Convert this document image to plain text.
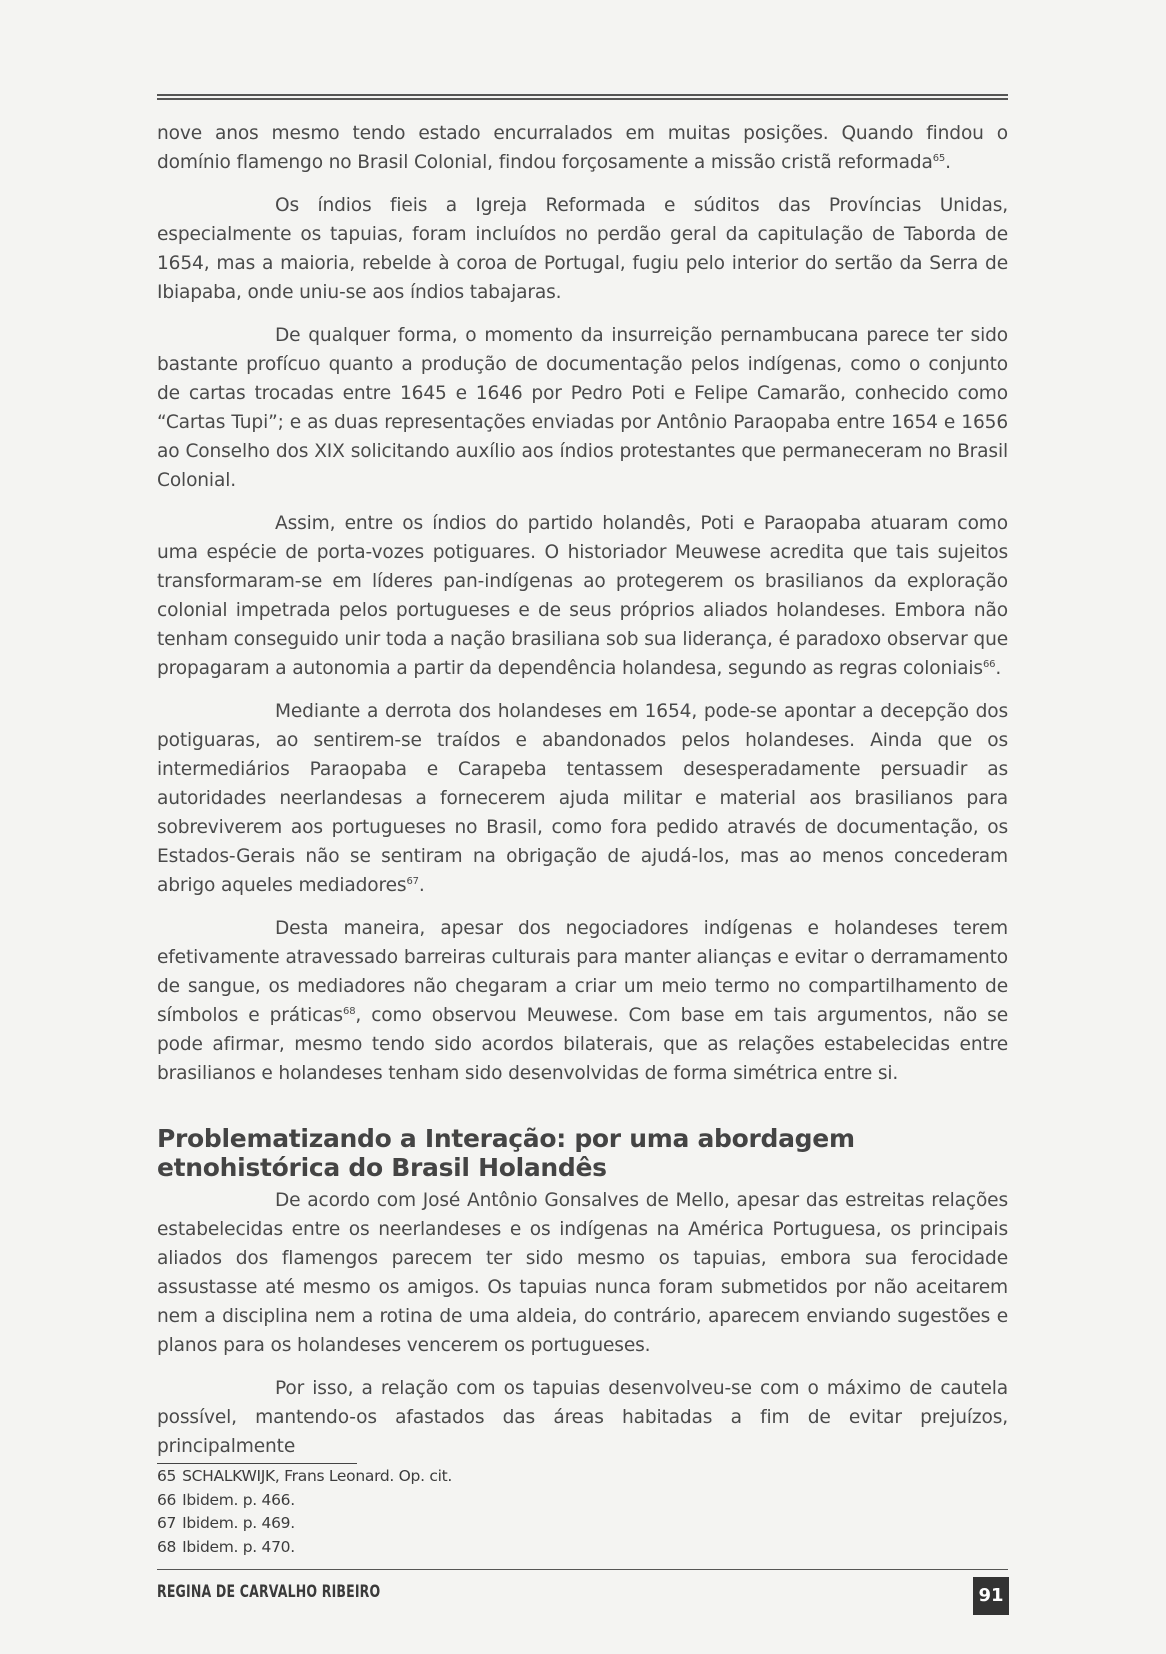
nove anos mesmo tendo estado encurralados em muitas posições. Quando findou o domínio flamengo no Brasil Colonial, findou forçosamente a missão cristã reformada$^{65}$.

Os índios fieis a Igreja Reformada e súditos das Províncias Unidas, especialmente os tapuias, foram incluídos no perdão geral da capitulação de Taborda de 1654, mas a maioria, rebelde à coroa de Portugal, fugiu pelo interior do sertão da Serra de Ibiapaba, onde uniu-se aos índios tabajaras.

De qualquer forma, o momento da insurreição pernambucana parece ter sido bastante profícuo quanto a produção de documentação pelos indígenas, como o conjunto de cartas trocadas entre 1645 e 1646 por Pedro Poti e Felipe Camarão, conhecido como “Cartas Tupi”; e as duas representações enviadas por Antônio Paraopaba entre 1654 e 1656 ao Conselho dos XIX solicitando auxílio aos índios protestantes que permaneceram no Brasil Colonial.

Assim, entre os índios do partido holandês, Poti e Paraopaba atuaram como uma espécie de porta-vozes potiguares. O historiador Meuwese acredita que tais sujeitos transformaram-se em líderes pan-indígenas ao protegerem os brasilianos da exploração colonial impetrada pelos portugueses e de seus próprios aliados holandeses. Embora não tenham conseguido unir toda a nação brasiliana sob sua liderança, é paradoxo observar que propagaram a autonomia a partir da dependência holandesa, segundo as regras coloniais$^{66}$.

Mediante a derrota dos holandeses em 1654, pode-se apontar a decepção dos potiguaras, ao sentirem-se traídos e abandonados pelos holandeses. Ainda que os intermediários Paraopaba e Carapeba tentassem desesperadamente persuadir as autoridades neerlandesas a fornecerem ajuda militar e material aos brasilianos para sobreviverem aos portugueses no Brasil, como fora pedido através de documentação, os Estados-Gerais não se sentiram na obrigação de ajudá-los, mas ao menos concederam abrigo aqueles mediadores$^{67}$.

Desta maneira, apesar dos negociadores indígenas e holandeses terem efetivamente atravessado barreiras culturais para manter alianças e evitar o derramamento de sangue, os mediadores não chegaram a criar um meio termo no compartilhamento de símbolos e práticas$^{68}$, como observou Meuwese. Com base em tais argumentos, não se pode afirmar, mesmo tendo sido acordos bilaterais, que as relações estabelecidas entre brasilianos e holandeses tenham sido desenvolvidas de forma simétrica entre si.

Problematizando a Interação: por uma abordagem etnohistórica do Brasil Holandês

De acordo com José Antônio Gonsalves de Mello, apesar das estreitas relações estabelecidas entre os neerlandeses e os indígenas na América Portuguesa, os principais aliados dos flamengos parecem ter sido mesmo os tapuias, embora sua ferocidade assustasse até mesmo os amigos. Os tapuias nunca foram submetidos por não aceitarem nem a disciplina nem a rotina de uma aldeia, do contrário, aparecem enviando sugestões e planos para os holandeses vencerem os portugueses.

Por isso, a relação com os tapuias desenvolveu-se com o máximo de cautela possível, mantendo-os afastados das áreas habitadas a fim de evitar prejuízos, principalmente

65 SCHALKWIJK, Frans Leonard. Op. cit.
66 Ibidem. p. 466.
67 Ibidem. p. 469.
68 Ibidem. p. 470.
REGINA DE CARVALHO RIBEIRO	91
